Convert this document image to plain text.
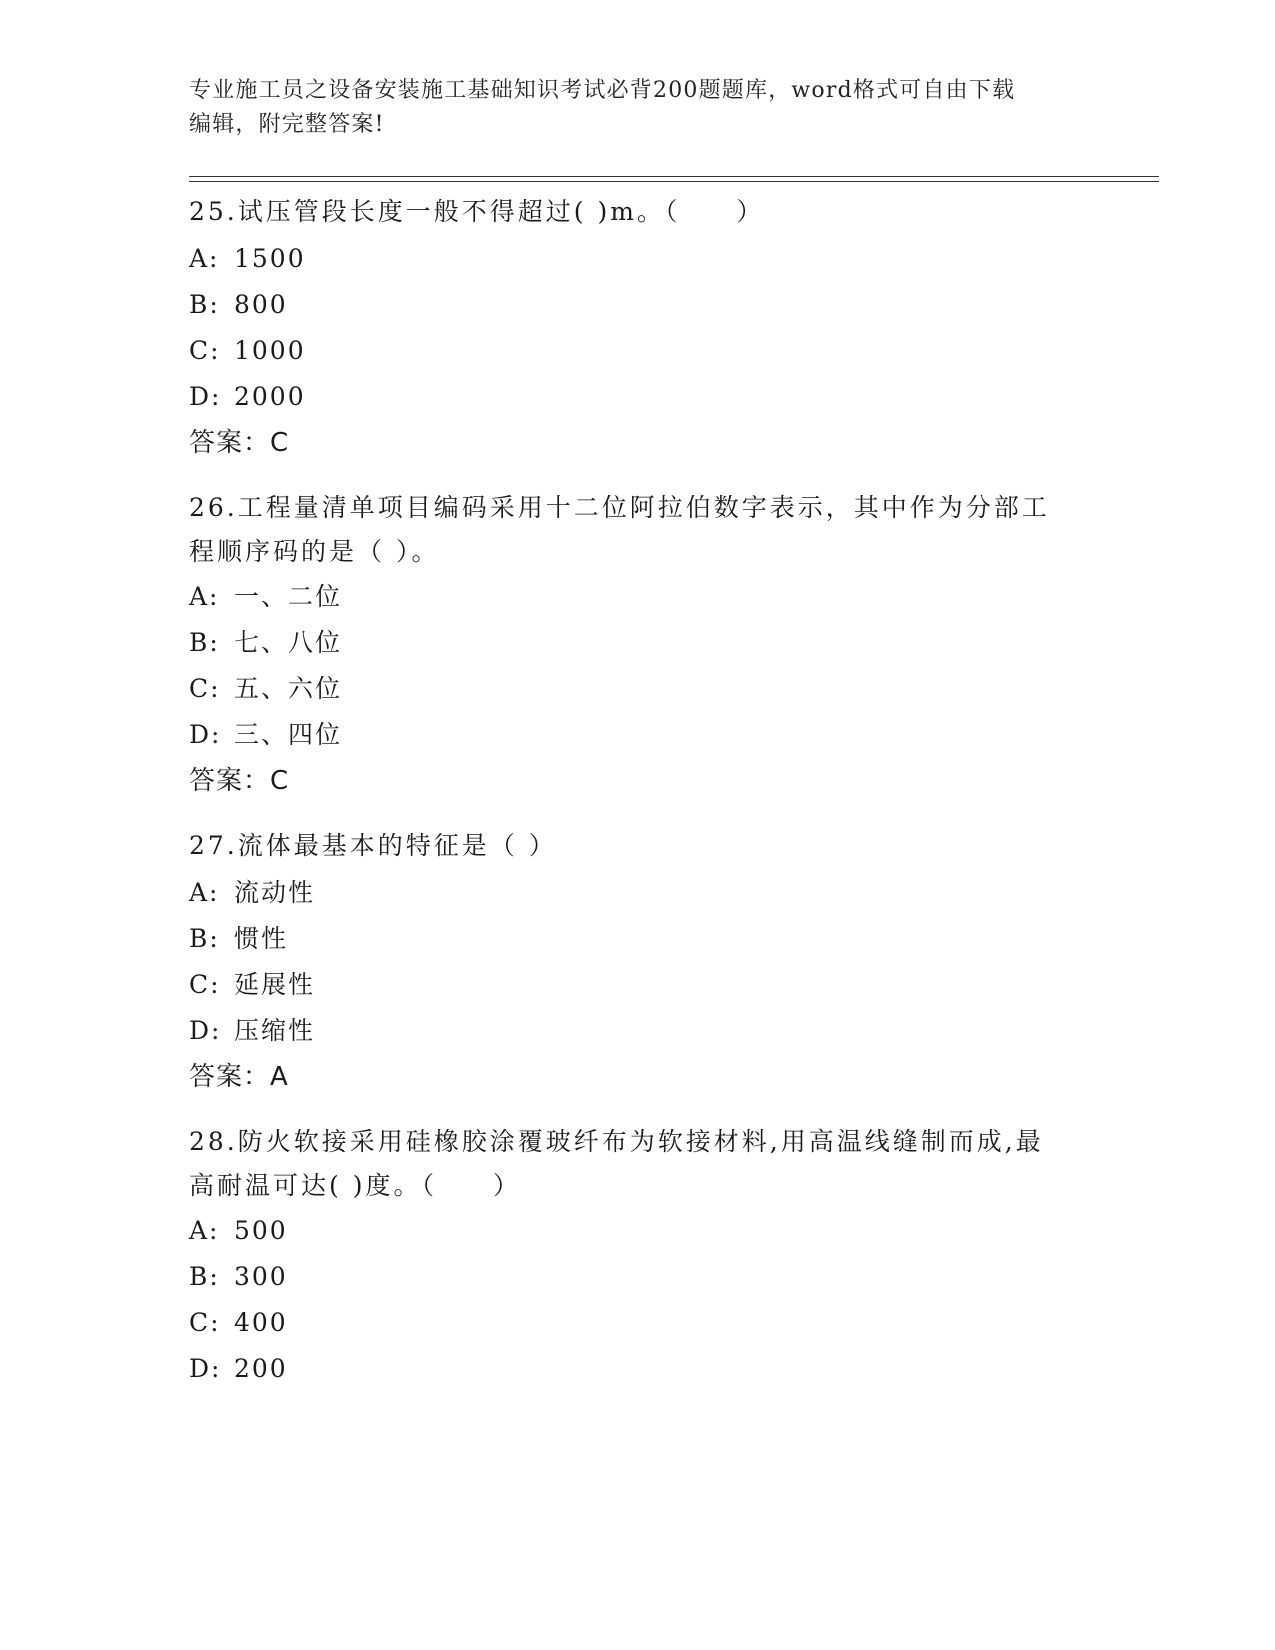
专业施工员之设备安装施工基础知识考试必背200题题库，word格式可自由下载
编辑，附完整答案!

25.试压管段长度一般不得超过( )m。（　　）

A: 1500

B: 800

C: 1000

D: 2000

答案：C

26.工程量清单项目编码采用十二位阿拉伯数字表示，其中作为分部工
程顺序码的是（ ）。

A: 一、二位

B: 七、八位

C: 五、六位

D: 三、四位

答案：C

27.流体最基本的特征是（ ）

A: 流动性

B: 惯性

C: 延展性

D: 压缩性

答案：A

28.防火软接采用硅橡胶涂覆玻纤布为软接材料,用高温线缝制而成,最
高耐温可达( )度。（　　）

A: 500

B: 300

C: 400

D: 200
